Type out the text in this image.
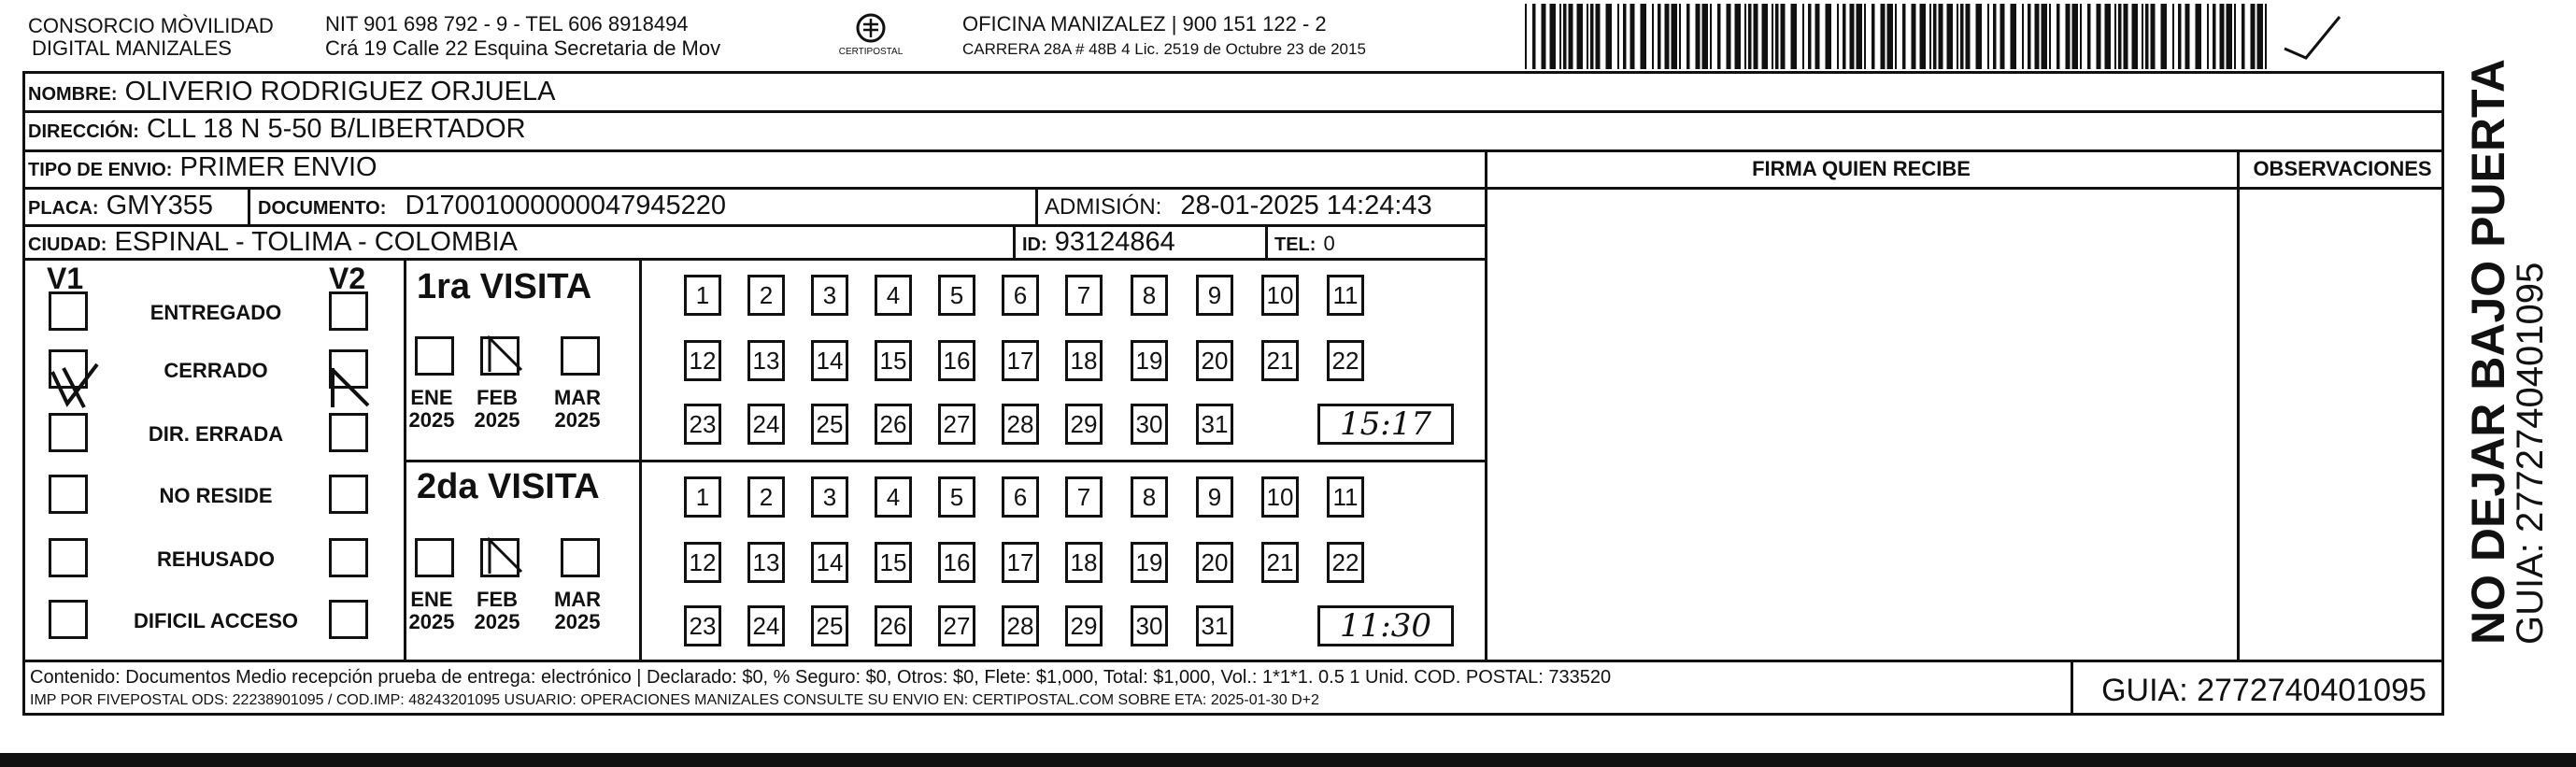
CONSORCIO MÒVILIDAD
DIGITAL MANIZALES
NIT 901 698 792 - 9 - TEL 606 8918494
Crá 19 Calle 22 Esquina Secretaria de Mov	CERTIPOSTAL
OFICINA MANIZALEZ | 900 151 122 - 2
CARRERA 28A # 48B 4 Lic. 2519 de Octubre 23 de 2015
NOMBRE: OLIVERIO RODRIGUEZ ORJUELA
DIRECCIÓN: CLL 18 N 5-50 B/LIBERTADOR
TIPO DE ENVIO: PRIMER ENVIO	FIRMA QUIEN RECIBE	OBSERVACIONES
PLACA: GMY355 DOCUMENTO: D17001000000047945220	ADMISIÓN: 28-01-2025 14:24:43
CIUDAD: ESPINAL - TOLIMA - COLOMBIA	ID: 93124864	TEL: 0
V1	V2
ENTREGADO
CERRADO
DIR. ERRADA
NO RESIDE
REHUSADO
DIFICIL ACCESO
1ra VISITA
2da VISITA
ENE
2025
FEB
2025
MAR
2025
1	2	3	4	5	6	7	8	9	10 11
12 13 14 15 16 17 18 19 20 21 22
23 24 25 26 27 28 29 30 31	15:17
ENE
2025
FEB
2025
MAR
2025
1	2	3	4	5	6	7	8	9	10 11
12 13 14 15 16 17 18 19 20 21 22
23 24 25 26 27 28 29 30 31	11:30	NO DEJAR BAJO PUERTA
GUIA: 2772740401095
Contenido: Documentos Medio recepción prueba de entrega: electrónico | Declarado: $0, % Seguro: $0, Otros: $0, Flete: $1,000, Total: $1,000, Vol.: 1*1*1. 0.5 1 Unid. COD. POSTAL: 733520
IMP POR FIVEPOSTAL ODS: 22238901095 / COD.IMP: 48243201095 USUARIO: OPERACIONES MANIZALES CONSULTE SU ENVIO EN: CERTIPOSTAL.COM SOBRE ETA: 2025-01-30 D+2	GUIA: 2772740401095
